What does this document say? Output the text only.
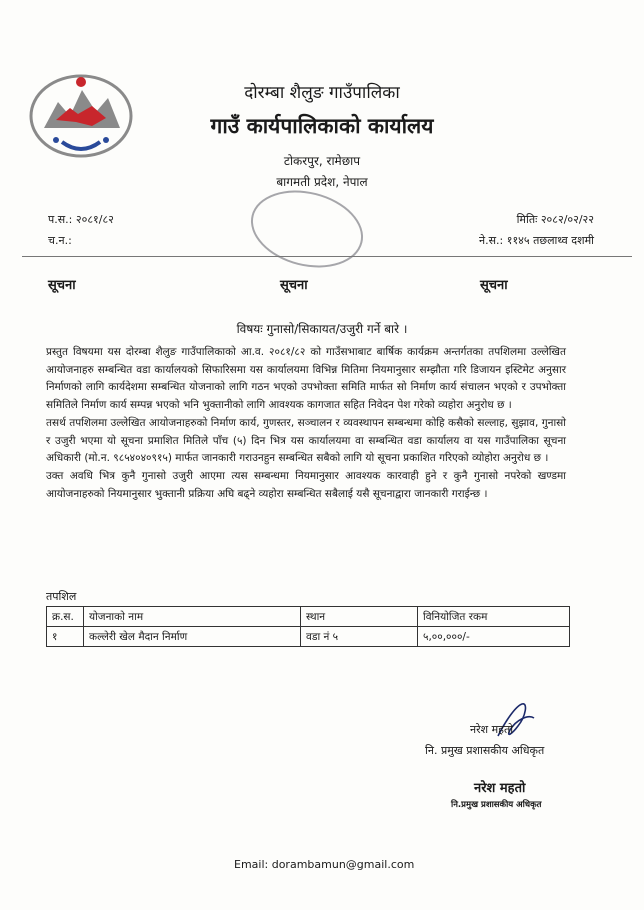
दोरम्बा शैलुङ गाउँपालिका
गाउँ कार्यपालिकाको कार्यालय
टोकरपुर, रामेछाप
बागमती प्रदेश, नेपाल
प.स.: २०८१/८२
च.न.:
मितिः २०८२/०२/२२
ने.स.: ११४५ तछलाथ्व दशमी
सूचना	सूचना	सूचना
विषयः गुनासो/सिकायत/उजुरी गर्ने बारे ।

प्रस्तुत विषयमा यस दोरम्बा शैलुङ गाउँपालिकाको आ.व. २०८१/८२ को गाउँसभाबाट बार्षिक कार्यक्रम अन्तर्गतका तपशिलमा उल्लेखित आयोजनाहरु सम्बन्धित वडा कार्यालयको सिफारिसमा यस कार्यालयमा विभिन्न मितिमा नियमानुसार सम्झौता गरि डिजायन इस्टिमेट अनुसार निर्माणको लागि कार्यदेशमा सम्बन्धित योजनाको लागि गठन भएको उपभोक्ता समिति मार्फत सो निर्माण कार्य संचालन भएको र उपभोक्ता समितिले निर्माण कार्य सम्पन्न भएको भनि भुक्तानीको लागि आवश्यक कागजात सहित निवेदन पेश गरेको व्यहोरा अनुरोध छ ।

तसर्थ तपशिलमा उल्लेखित आयोजनाहरुको निर्माण कार्य, गुणस्तर, सञ्चालन र व्यवस्थापन सम्बन्धमा कोहि कसैको सल्लाह, सुझाव, गुनासो र उजुरी भएमा यो सूचना प्रमाशित मितिले पाँच (५) दिन भित्र यस कार्यालयमा वा सम्बन्धित वडा कार्यालय वा यस गाउँपालिका सूचना अधिकारी (मो.न. ९८५४०४०९१५) मार्फत जानकारी गराउनहुन सम्बन्धित सबैको लागि यो सूचना प्रकाशित गरिएको व्योहोरा अनुरोध छ ।

उक्त अवधि भित्र कुनै गुनासो उजुरी आएमा त्यस सम्बन्धमा नियमानुसार आवश्यक कारवाही हुने र कुनै गुनासो नपरेको खण्डमा आयोजनाहरुको नियमानुसार भुक्तानी प्रक्रिया अघि बढ्ने व्यहोरा सम्बन्धित सबैलाई यसै सूचनाद्वारा जानकारी गराईन्छ ।

तपशिल
क्र.स.	योजनाको नाम	स्थान	विनियोजित रकम
१	कल्लेरी खेल मैदान निर्माण	वडा नं ५	५,००,०००/-
नरेश महतो
नि. प्रमुख प्रशासकीय अधिकृत
नरेश महतो
नि.प्रमुख प्रशासकीय अधिकृत
Email: dorambamun@gmail.com
